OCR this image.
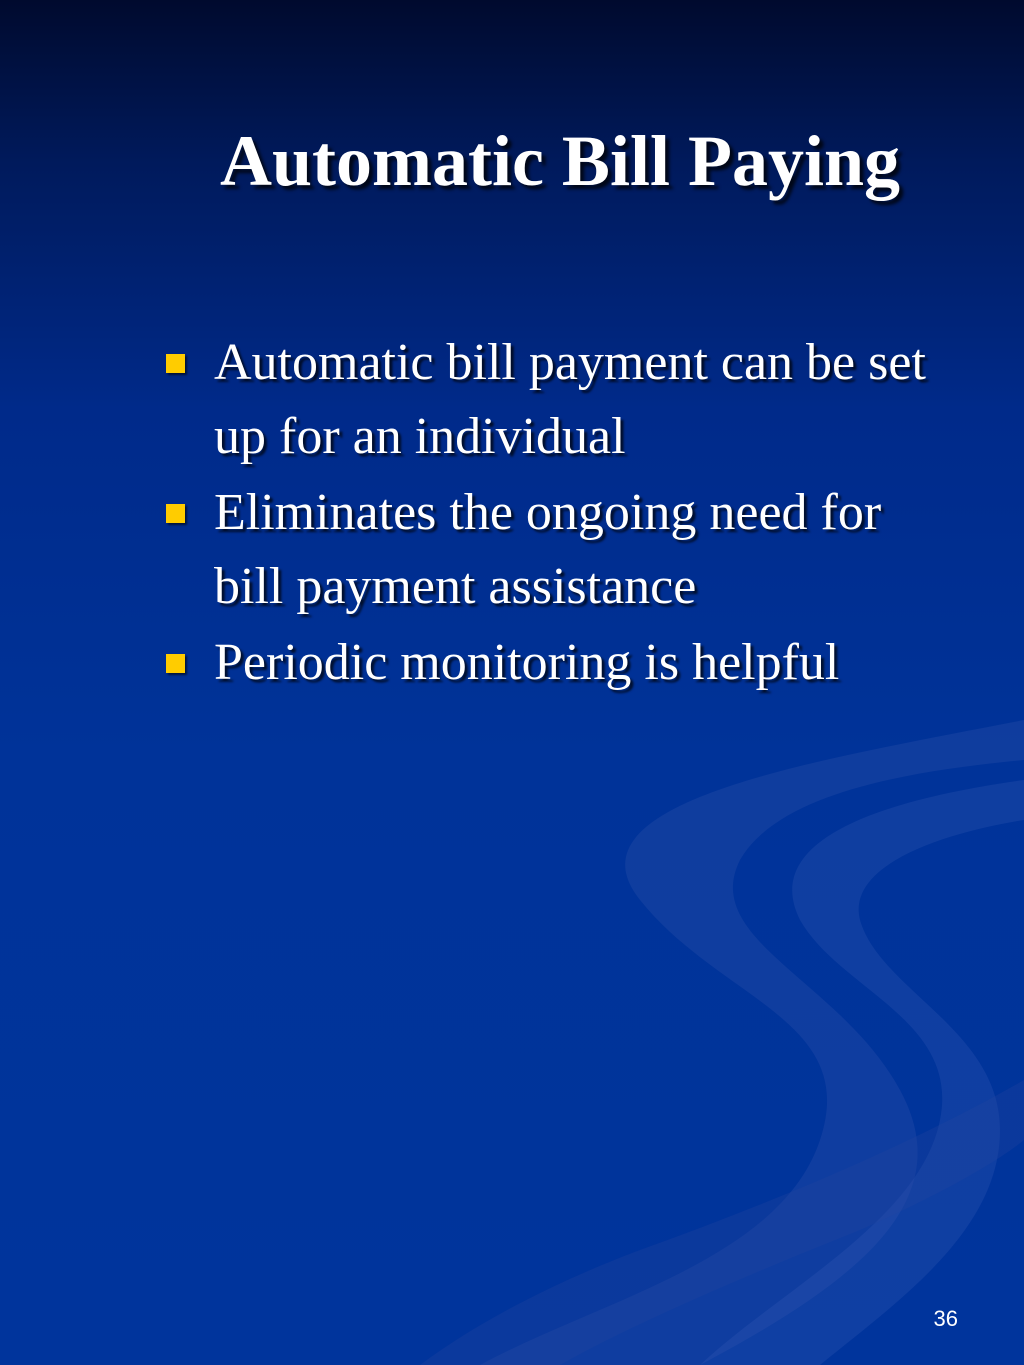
Automatic Bill Paying
Automatic bill payment can be set up for an individual
Eliminates the ongoing need for bill payment assistance
Periodic monitoring is helpful
36
